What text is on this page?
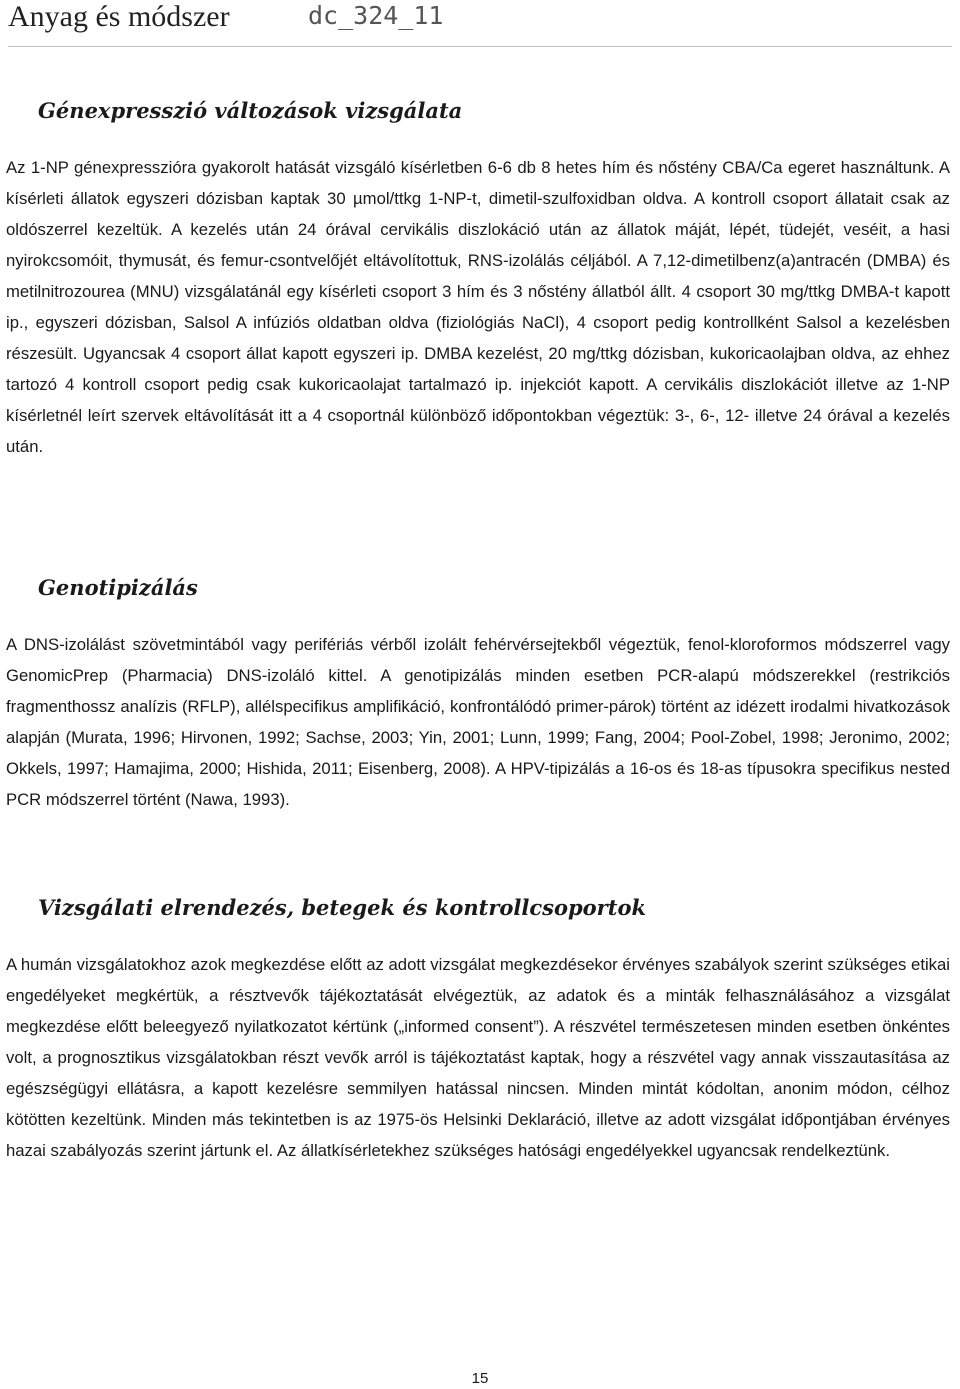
Anyag és módszer	dc_324_11
Génexpresszió változások vizsgálata

Az 1-NP génexpresszióra gyakorolt hatását vizsgáló kísérletben 6-6 db 8 hetes hím és nőstény CBA/Ca egeret használtunk. A kísérleti állatok egyszeri dózisban kaptak 30 µmol/ttkg 1-NP-t, dimetil-szulfoxidban oldva. A kontroll csoport állatait csak az oldószerrel kezeltük. A kezelés után 24 órával cervikális diszlokáció után az állatok máját, lépét, tüdejét, veséit, a hasi nyirokcsomóit, thymusát, és femur-csontvelőjét eltávolítottuk, RNS-izolálás céljából. A 7,12-dimetilbenz(a)antracén (DMBA) és metilnitrozourea (MNU) vizsgálatánál egy kísérleti csoport 3 hím és 3 nőstény állatból állt. 4 csoport 30 mg/ttkg DMBA-t kapott ip., egyszeri dózisban, Salsol A infúziós oldatban oldva (fiziológiás NaCl), 4 csoport pedig kontrollként Salsol a kezelésben részesült. Ugyancsak 4 csoport állat kapott egyszeri ip. DMBA kezelést, 20 mg/ttkg dózisban, kukoricaolajban oldva, az ehhez tartozó 4 kontroll csoport pedig csak kukoricaolajat tartalmazó ip. injekciót kapott. A cervikális diszlokációt illetve az 1-NP kísérletnél leírt szervek eltávolítását itt a 4 csoportnál különböző időpontokban végeztük: 3-, 6-, 12- illetve 24 órával a kezelés után.

Genotipizálás

A DNS-izolálást szövetmintából vagy perifériás vérből izolált fehérvérsejtekből végeztük, fenol-kloroformos módszerrel vagy GenomicPrep (Pharmacia) DNS-izoláló kittel. A genotipizálás minden esetben PCR-alapú módszerekkel (restrikciós fragmenthossz analízis (RFLP), allélspecifikus amplifikáció, konfrontálódó primer-párok) történt az idézett irodalmi hivatkozások alapján (Murata, 1996; Hirvonen, 1992; Sachse, 2003; Yin, 2001; Lunn, 1999; Fang, 2004; Pool-Zobel, 1998; Jeronimo, 2002; Okkels, 1997; Hamajima, 2000; Hishida, 2011; Eisenberg, 2008). A HPV-tipizálás a 16-os és 18-as típusokra specifikus nested PCR módszerrel történt (Nawa, 1993).

Vizsgálati elrendezés, betegek és kontrollcsoportok

A humán vizsgálatokhoz azok megkezdése előtt az adott vizsgálat megkezdésekor érvényes szabályok szerint szükséges etikai engedélyeket megkértük, a résztvevők tájékoztatását elvégeztük, az adatok és a minták felhasználásához a vizsgálat megkezdése előtt beleegyező nyilatkozatot kértünk („informed consent”). A részvétel természetesen minden esetben önkéntes volt, a prognosztikus vizsgálatokban részt vevők arról is tájékoztatást kaptak, hogy a részvétel vagy annak visszautasítása az egészségügyi ellátásra, a kapott kezelésre semmilyen hatással nincsen. Minden mintát kódoltan, anonim módon, célhoz kötötten kezeltünk. Minden más tekintetben is az 1975-ös Helsinki Deklaráció, illetve az adott vizsgálat időpontjában érvényes hazai szabályozás szerint jártunk el. Az állatkísérletekhez szükséges hatósági engedélyekkel ugyancsak rendelkeztünk.

15
